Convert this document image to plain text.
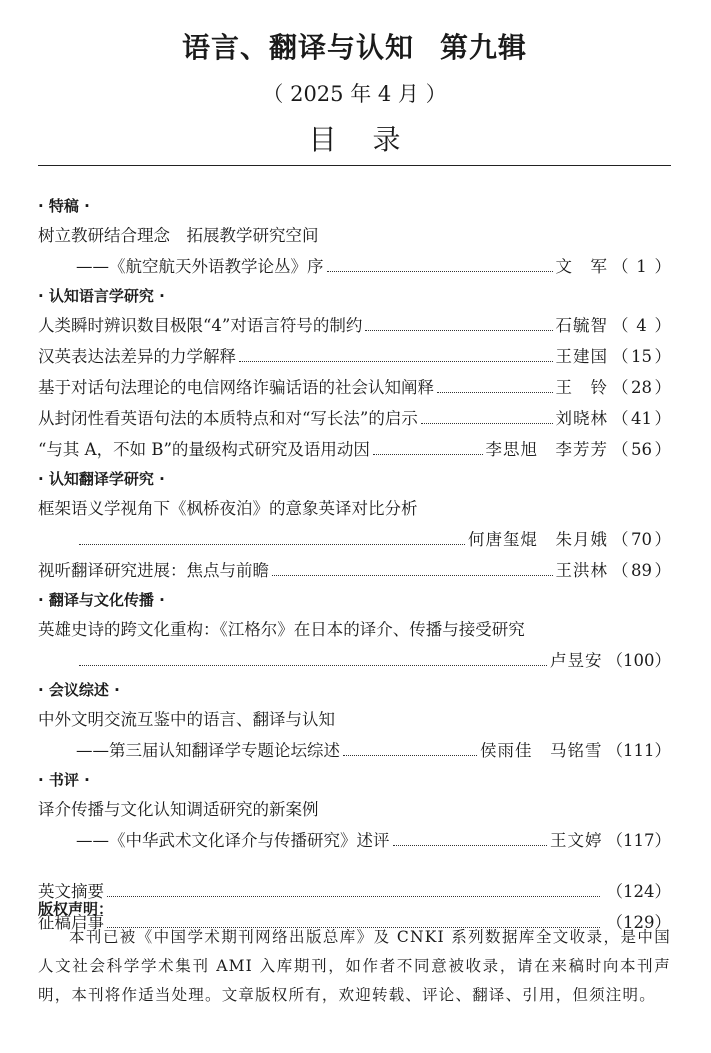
语言、翻译与认知 第九辑
（ 2025 年 4 月 ）
目录
· 特稿 ·
树立教研结合理念　拓展教学研究空间
——《航空航天外语教学论丛》序	文　军 （ 1 ）
· 认知语言学研究 ·
人类瞬时辨识数目极限“4”对语言符号的制约	石毓智 （ 4 ）
汉英表达法差异的力学解释	王建国 （ 15 ）
基于对话句法理论的电信网络诈骗话语的社会认知阐释	王　铃 （ 28 ）
从封闭性看英语句法的本质特点和对“写长法”的启示	刘晓林 （ 41 ）
“与其 A，不如 B”的量级构式研究及语用动因	李思旭　李芳芳 （ 56 ）
· 认知翻译学研究 ·
框架语义学视角下《枫桥夜泊》的意象英译对比分析
何唐玺焜　朱月娥 （ 70 ）
视听翻译研究进展：焦点与前瞻	王洪林 （ 89 ）
· 翻译与文化传播 ·
英雄史诗的跨文化重构：《江格尔》在日本的译介、传播与接受研究
卢昱安 （100）
· 会议综述 ·
中外文明交流互鉴中的语言、翻译与认知
——第三届认知翻译学专题论坛综述	侯雨佳　马铭雪 （111）
· 书评 ·
译介传播与文化认知调适研究的新案例
——《中华武术文化译介与传播研究》述评	王文婷 （117）
英文摘要	（124）
征稿启事	（129）
版权声明：
本刊已被《中国学术期刊网络出版总库》及 CNKI 系列数据库全文收录，是中国人文社会科学学术集刊 AMI 入库期刊，如作者不同意被收录，请在来稿时向本刊声明，本刊将作适当处理。文章版权所有，欢迎转载、评论、翻译、引用，但须注明。
